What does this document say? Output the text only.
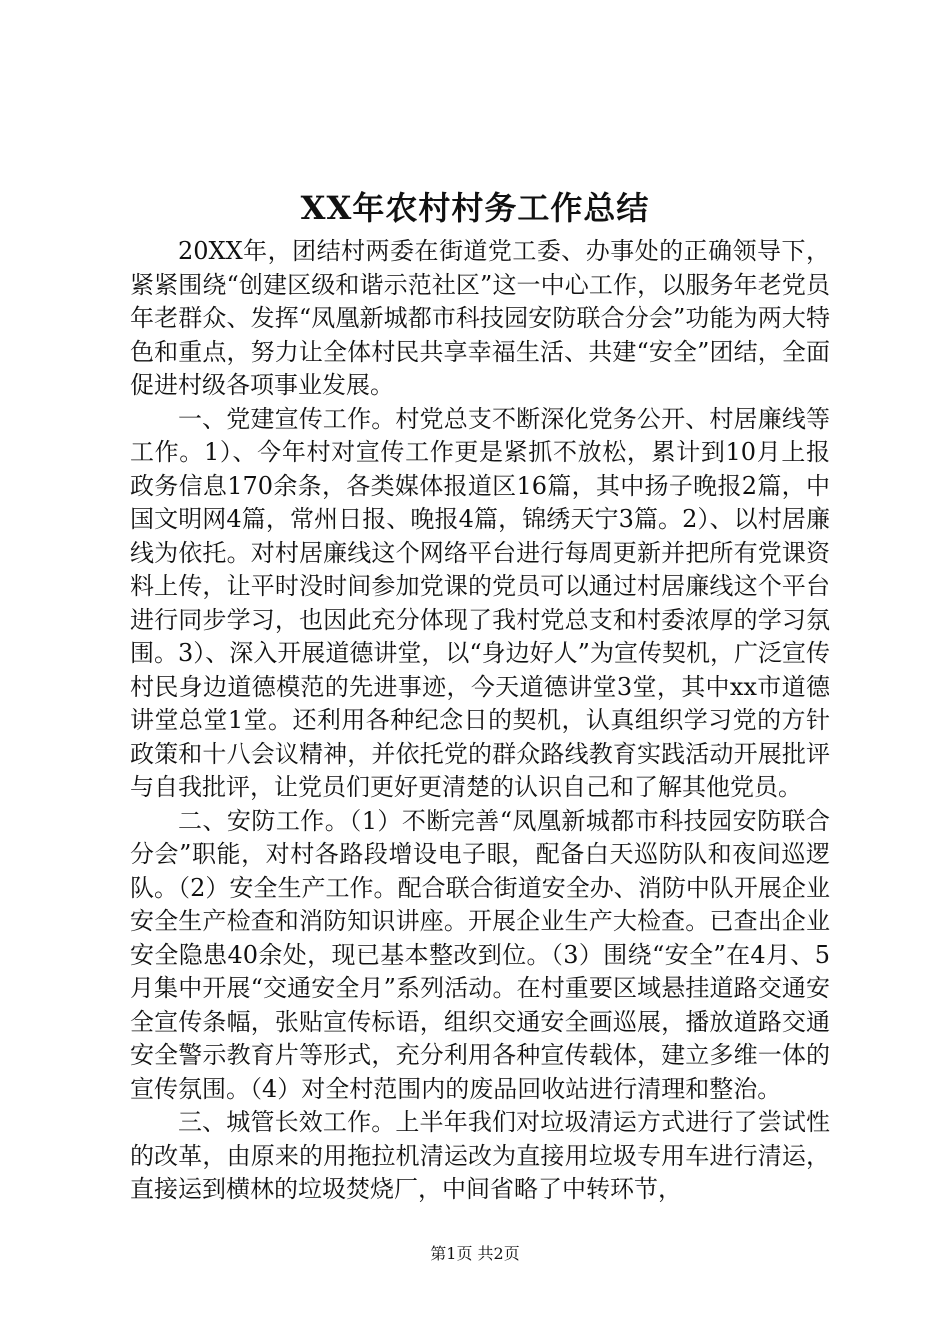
XX年农村村务工作总结

20XX年，团结村两委在街道党工委、办事处的正确领导下，紧紧围绕“创建区级和谐示范社区”这一中心工作，以服务年老党员年老群众、发挥“凤凰新城都市科技园安防联合分会”功能为两大特色和重点，努力让全体村民共享幸福生活、共建“安全”团结，全面促进村级各项事业发展。

一、党建宣传工作。村党总支不断深化党务公开、村居廉线等工作。1）、今年村对宣传工作更是紧抓不放松，累计到10月上报政务信息170余条，各类媒体报道区16篇，其中扬子晚报2篇，中国文明网4篇，常州日报、晚报4篇，锦绣天宁3篇。2）、以村居廉线为依托。对村居廉线这个网络平台进行每周更新并把所有党课资料上传，让平时没时间参加党课的党员可以通过村居廉线这个平台进行同步学习，也因此充分体现了我村党总支和村委浓厚的学习氛围。3）、深入开展道德讲堂，以“身边好人”为宣传契机，广泛宣传村民身边道德模范的先进事迹，今天道德讲堂3堂，其中xx市道德讲堂总堂1堂。还利用各种纪念日的契机，认真组织学习党的方针政策和十八会议精神，并依托党的群众路线教育实践活动开展批评与自我批评，让党员们更好更清楚的认识自己和了解其他党员。

二、安防工作。（1）不断完善“凤凰新城都市科技园安防联合分会”职能，对村各路段增设电子眼，配备白天巡防队和夜间巡逻队。（2）安全生产工作。配合联合街道安全办、消防中队开展企业安全生产检查和消防知识讲座。开展企业生产大检查。已查出企业安全隐患40余处，现已基本整改到位。（3）围绕“安全”在4月、5月集中开展“交通安全月”系列活动。在村重要区域悬挂道路交通安全宣传条幅，张贴宣传标语，组织交通安全画巡展，播放道路交通安全警示教育片等形式，充分利用各种宣传载体，建立多维一体的宣传氛围。（4）对全村范围内的废品回收站进行清理和整治。

三、城管长效工作。上半年我们对垃圾清运方式进行了尝试性的改革，由原来的用拖拉机清运改为直接用垃圾专用车进行清运，直接运到横林的垃圾焚烧厂，中间省略了中转环节，

第1页 共2页
